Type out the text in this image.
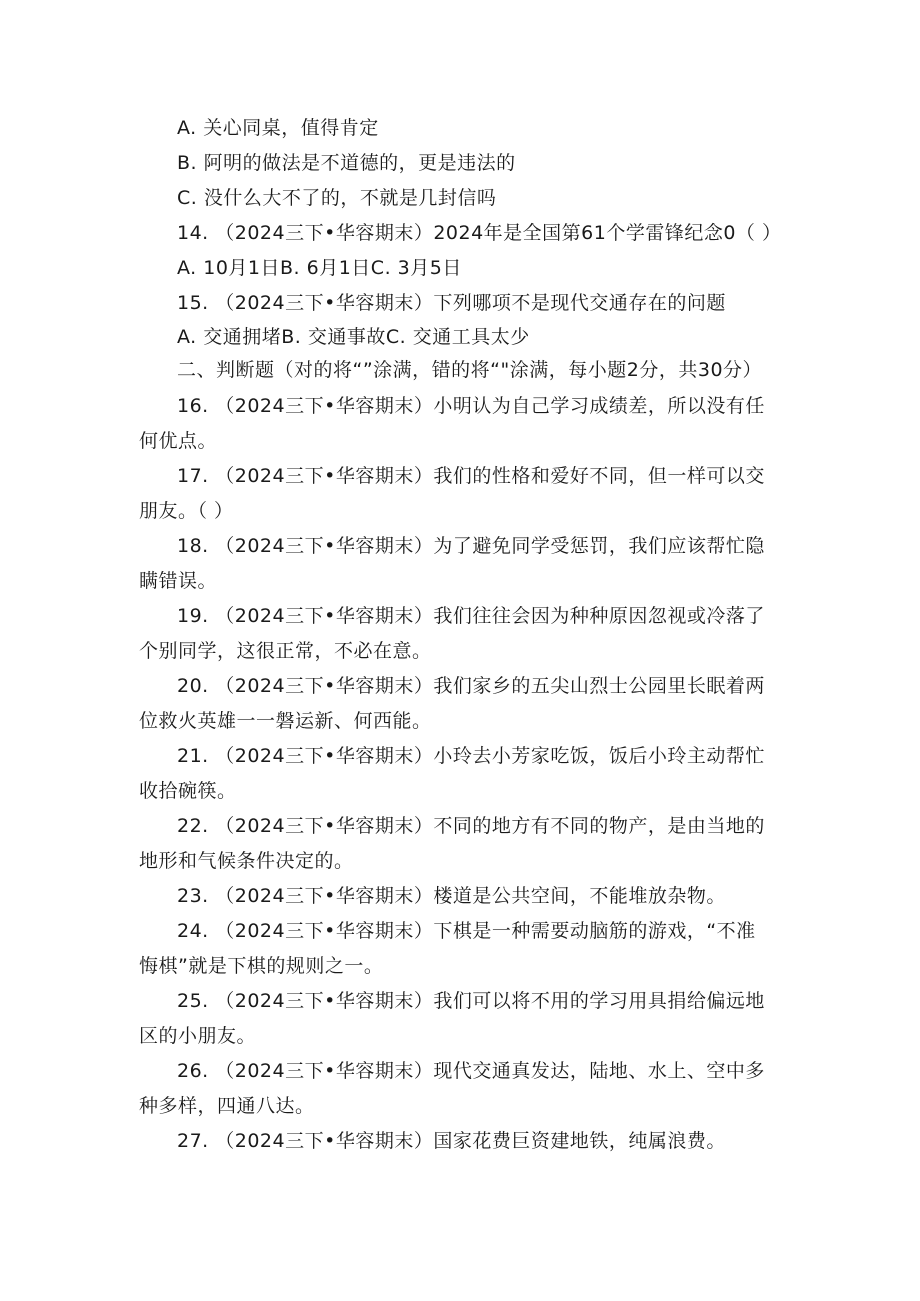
A. 关心同桌，值得肯定
B. 阿明的做法是不道德的，更是违法的
C. 没什么大不了的，不就是几封信吗
14. （2024三下•华容期末）2024年是全国第61个学雷锋纪念0（ ）
A. 10月1日B. 6月1日C. 3月5日
15. （2024三下•华容期末）下列哪项不是现代交通存在的问题
A. 交通拥堵B. 交通事故C. 交通工具太少
二、判断题（对的将“”涂满，错的将“"涂满，每小题2分，共30分）
16. （2024三下•华容期末）小明认为自己学习成绩差，所以没有任
何优点。
17. （2024三下•华容期末）我们的性格和爱好不同，但一样可以交
朋友。（ ）
18. （2024三下•华容期末）为了避免同学受惩罚，我们应该帮忙隐
瞒错误。
19. （2024三下•华容期末）我们往往会因为种种原因忽视或冷落了
个别同学，这很正常，不必在意。
20. （2024三下•华容期末）我们家乡的五尖山烈士公园里长眠着两
位救火英雄一一磐运新、何西能。
21. （2024三下•华容期末）小玲去小芳家吃饭，饭后小玲主动帮忙
收拾碗筷。
22. （2024三下•华容期末）不同的地方有不同的物产，是由当地的
地形和气候条件决定的。
23. （2024三下•华容期末）楼道是公共空间，不能堆放杂物。
24. （2024三下•华容期末）下棋是一种需要动脑筋的游戏，“不准
悔棋”就是下棋的规则之一。
25. （2024三下•华容期末）我们可以将不用的学习用具捐给偏远地
区的小朋友。
26. （2024三下•华容期末）现代交通真发达，陆地、水上、空中多
种多样，四通八达。
27. （2024三下•华容期末）国家花费巨资建地铁，纯属浪费。
